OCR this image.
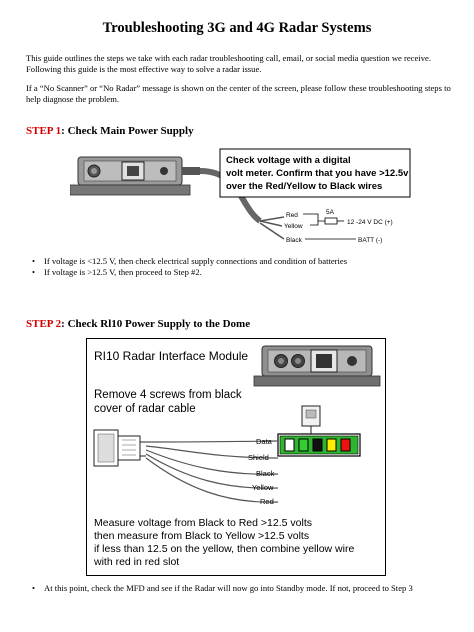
Troubleshooting 3G and 4G Radar Systems

This guide outlines the steps we take with each radar troubleshooting call, email, or social media question we receive. Following this guide is the most effective way to solve a radar issue.

If a “No Scanner” or “No Radar” message is shown on the center of the screen, please follow these troubleshooting steps to help diagnose the problem.

STEP 1: Check Main Power Supply

Check voltage with a digital
volt meter. Confirm that you have >12.5v
over the Red/Yellow to Black wires
Red
Yellow
Black
5A
12 -24 V DC (+)
BATT (-)
• If voltage is <12.5 V, then check electrical supply connections and condition of batteries
• If voltage is >12.5 V, then proceed to Step #2.

STEP 2: Check Rl10 Power Supply to the Dome

RI10 Radar Interface Module
Remove 4 screws from black
cover of radar cable
Data
Shield
Black
Yellow
Red
Measure voltage from Black to Red >12.5 volts
then measure from Black to Yellow >12.5 volts
if less than 12.5 on the yellow, then combine yellow wire
with red in red slot
• At this point, check the MFD and see if the Radar will now go into Standby mode. If not, proceed to Step 3
